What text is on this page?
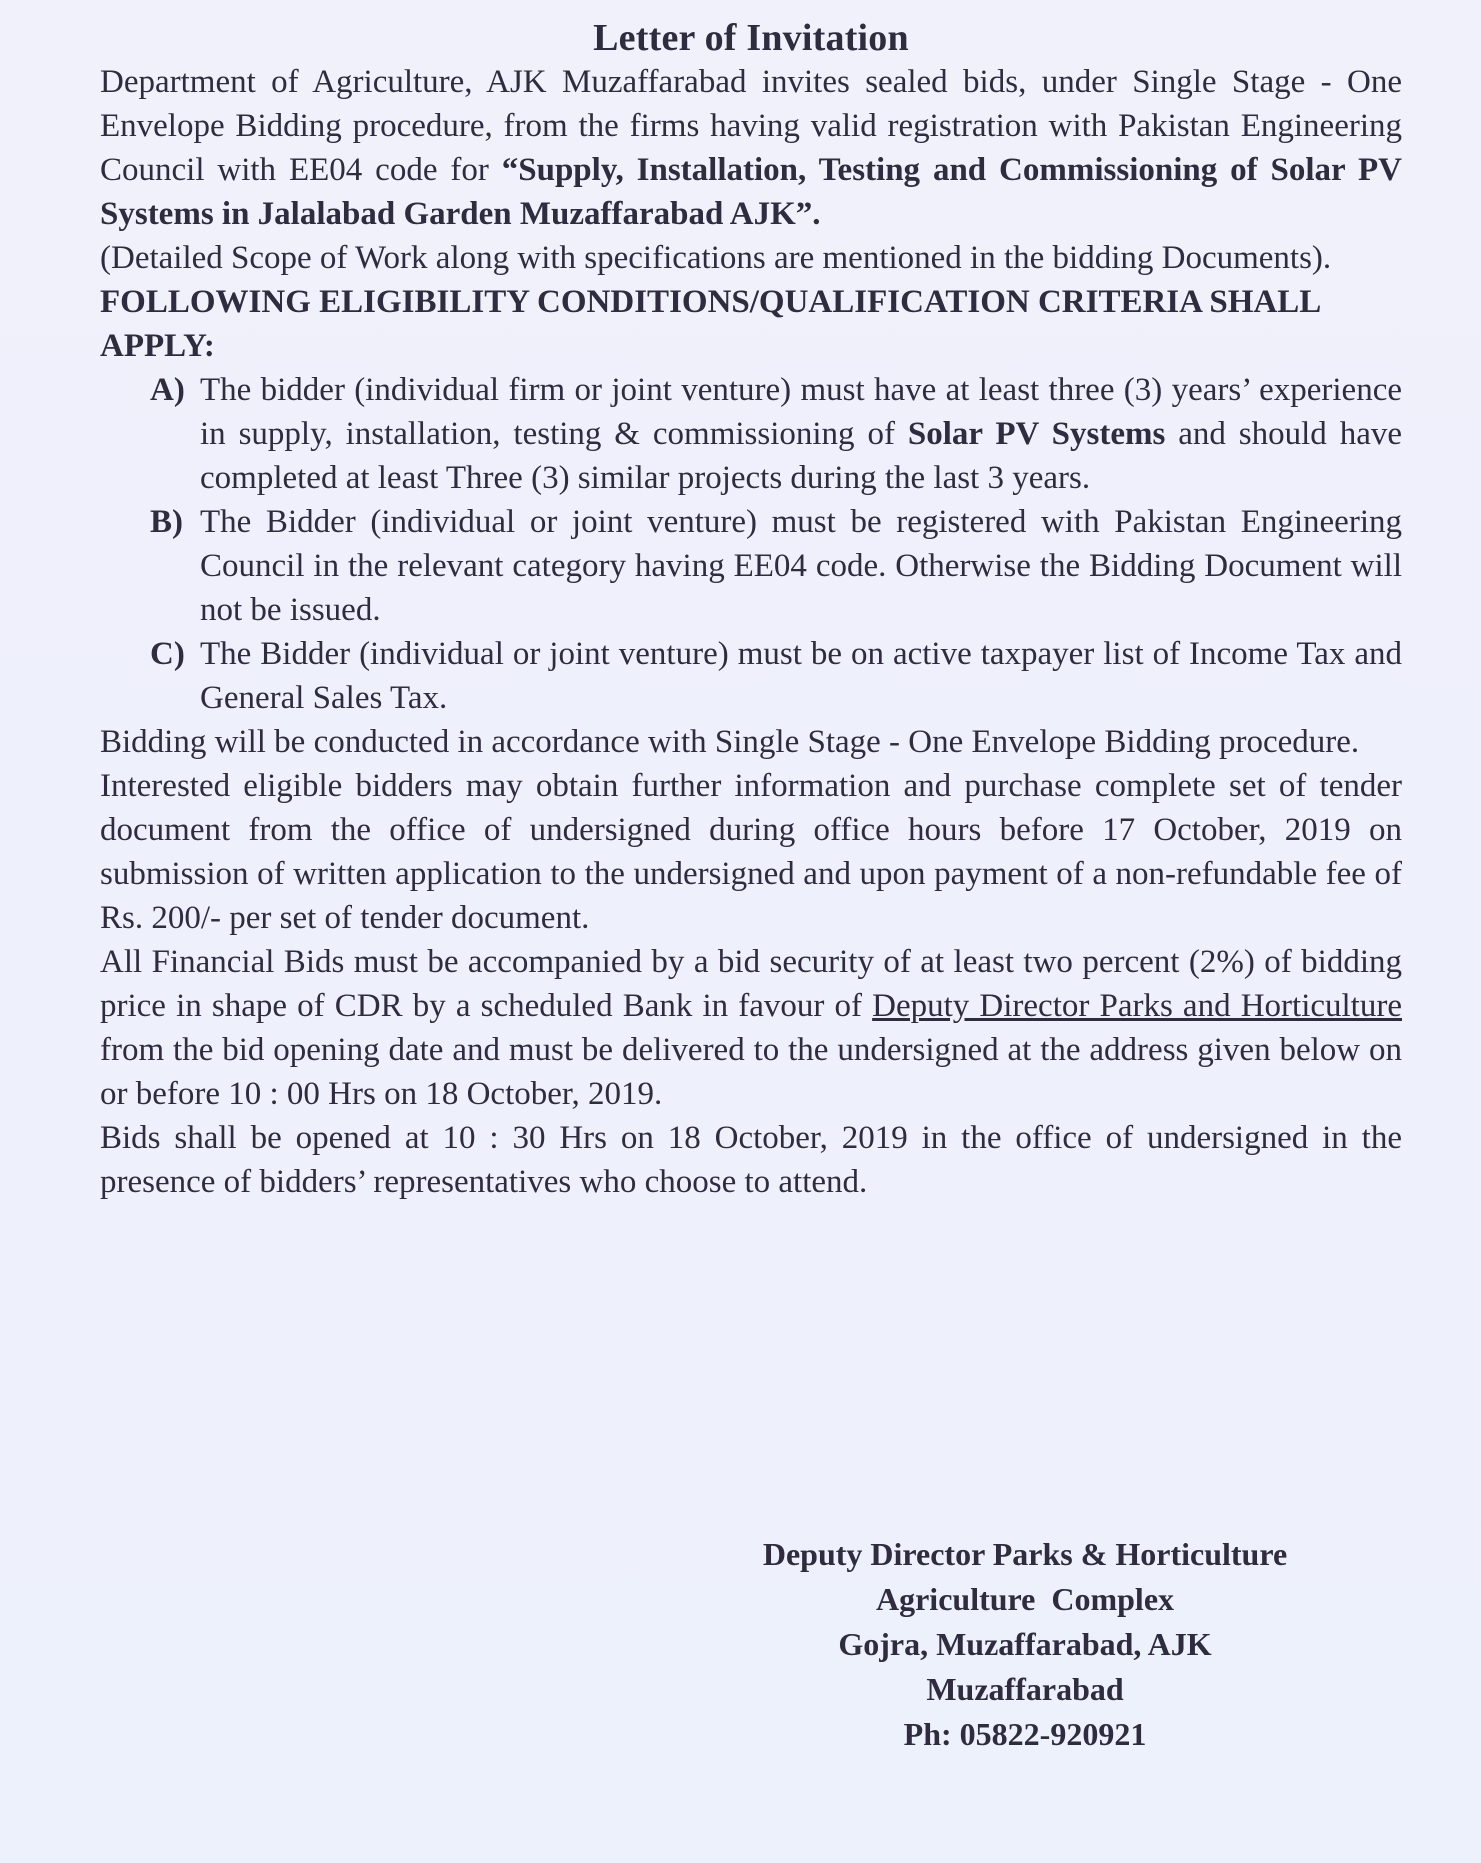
Letter of Invitation

Department of Agriculture, AJK Muzaffarabad invites sealed bids, under Single Stage - One Envelope Bidding procedure, from the firms having valid registration with Pakistan Engineering Council with EE04 code for “Supply, Installation, Testing and Commissioning of Solar PV Systems in Jalalabad Garden Muzaffarabad AJK”.

(Detailed Scope of Work along with specifications are mentioned in the bidding Documents).

FOLLOWING ELIGIBILITY CONDITIONS/QUALIFICATION CRITERIA SHALL APPLY:

A) The bidder (individual firm or joint venture) must have at least three (3) years’ experience in supply, installation, testing & commissioning of Solar PV Systems and should have completed at least Three (3) similar projects during the last 3 years.
B) The Bidder (individual or joint venture) must be registered with Pakistan Engineering Council in the relevant category having EE04 code. Otherwise the Bidding Document will not be issued.
C) The Bidder (individual or joint venture) must be on active taxpayer list of Income Tax and General Sales Tax.

Bidding will be conducted in accordance with Single Stage - One Envelope Bidding procedure.

Interested eligible bidders may obtain further information and purchase complete set of tender document from the office of undersigned during office hours before 17 October, 2019 on submission of written application to the undersigned and upon payment of a non-refundable fee of Rs. 200/- per set of tender document.

All Financial Bids must be accompanied by a bid security of at least two percent (2%) of bidding price in shape of CDR by a scheduled Bank in favour of Deputy Director Parks and Horticulture from the bid opening date and must be delivered to the undersigned at the address given below on or before 10 : 00 Hrs on 18 October, 2019.

Bids shall be opened at 10 : 30 Hrs on 18 October, 2019 in the office of undersigned in the presence of bidders’ representatives who choose to attend.

Deputy Director Parks & Horticulture
Agriculture  Complex
Gojra, Muzaffarabad, AJK
Muzaffarabad
Ph: 05822-920921
